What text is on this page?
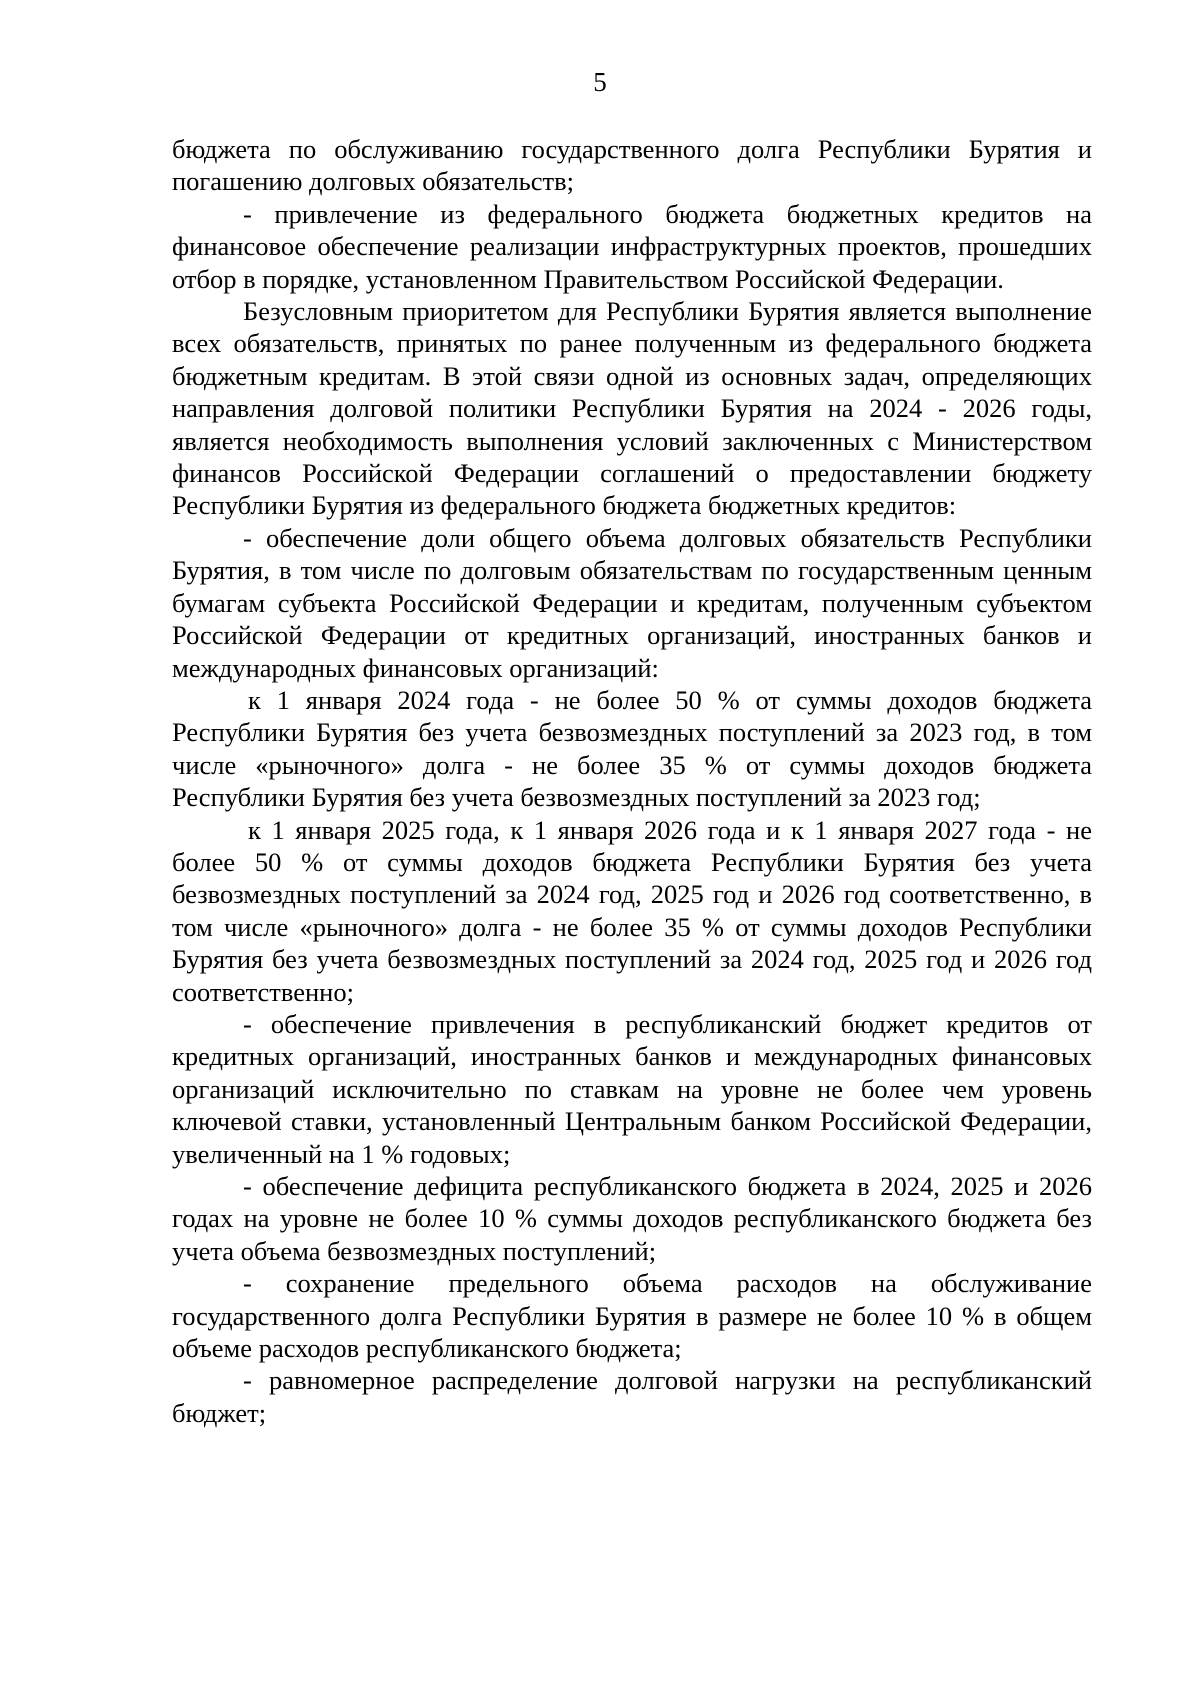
5

бюджета по обслуживанию государственного долга Республики Бурятия и погашению долговых обязательств;

- привлечение из федерального бюджета бюджетных кредитов на финансовое обеспечение реализации инфраструктурных проектов, прошедших отбор в порядке, установленном Правительством Российской Федерации.

Безусловным приоритетом для Республики Бурятия является выполнение всех обязательств, принятых по ранее полученным из федерального бюджета бюджетным кредитам. В этой связи одной из основных задач, определяющих направления долговой политики Республики Бурятия на 2024 - 2026 годы, является необходимость выполнения условий заключенных с Министерством финансов Российской Федерации соглашений о предоставлении бюджету Республики Бурятия из федерального бюджета бюджетных кредитов:

- обеспечение доли общего объема долговых обязательств Республики Бурятия, в том числе по долговым обязательствам по государственным ценным бумагам субъекта Российской Федерации и кредитам, полученным субъектом Российской Федерации от кредитных организаций, иностранных банков и международных финансовых организаций:

к 1 января 2024 года - не более 50 % от суммы доходов бюджета Республики Бурятия без учета безвозмездных поступлений за 2023 год, в том числе «рыночного» долга - не более 35 % от суммы доходов бюджета Республики Бурятия без учета безвозмездных поступлений за 2023 год;

к 1 января 2025 года, к 1 января 2026 года и к 1 января 2027 года - не более 50 % от суммы доходов бюджета Республики Бурятия без учета безвозмездных поступлений за 2024 год, 2025 год и 2026 год соответственно, в том числе «рыночного» долга - не более 35 % от суммы доходов Республики Бурятия без учета безвозмездных поступлений за 2024 год, 2025 год и 2026 год соответственно;

- обеспечение привлечения в республиканский бюджет кредитов от кредитных организаций, иностранных банков и международных финансовых организаций исключительно по ставкам на уровне не более чем уровень ключевой ставки, установленный Центральным банком Российской Федерации, увеличенный на 1 % годовых;

- обеспечение дефицита республиканского бюджета в 2024, 2025 и 2026 годах на уровне не более 10 % суммы доходов республиканского бюджета без учета объема безвозмездных поступлений;

- сохранение предельного объема расходов на обслуживание государственного долга Республики Бурятия в размере не более 10 % в общем объеме расходов республиканского бюджета;

- равномерное распределение долговой нагрузки на республиканский бюджет;
